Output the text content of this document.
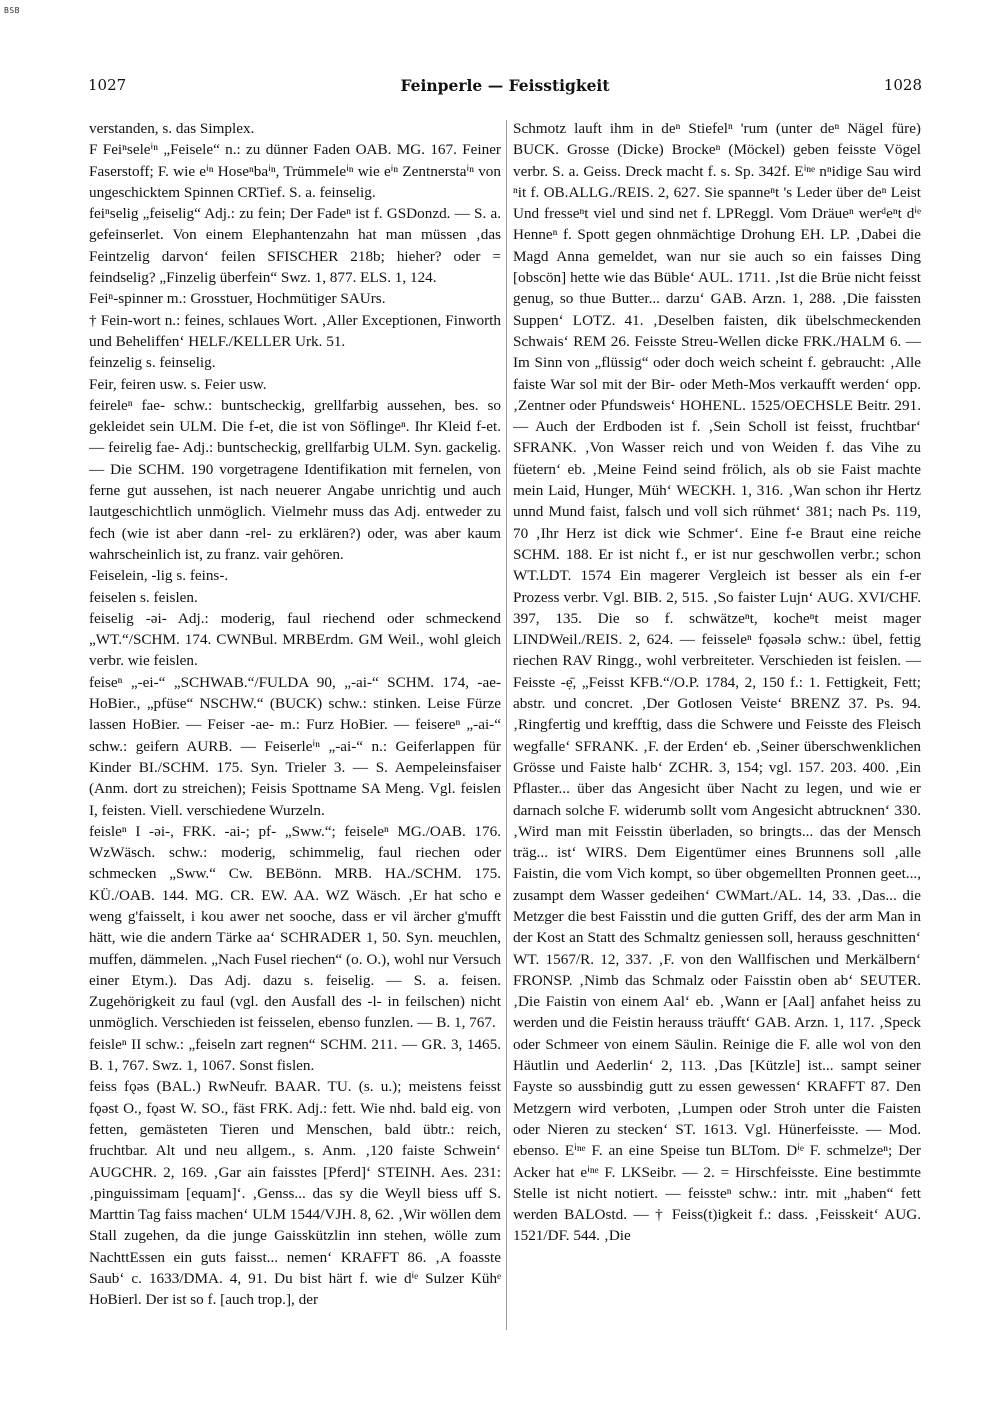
BSB
1027	Feinperle — Feisstigkeit	1028

verstanden, s. das Simplex.

F Feiⁿseleⁱⁿ „Feisele“ n.: zu dünner Faden OAB. MG. 167. Feiner Faserstoff; F. wie eⁱⁿ Hoseⁿbaⁱⁿ, Trümmeleⁱⁿ wie eⁱⁿ Zentnerstaⁱⁿ von ungeschicktem Spinnen CRTief. S. a. feinselig.

feiⁿselig „feiselig“ Adj.: zu fein; Der Fadeⁿ ist f. GSDonzd. — S. a. gefeinserlet. Von einem Elephantenzahn hat man müssen ‚das Feintzelig darvon‘ feilen SFISCHER 218b; hieher? oder = feindselig? „Finzelig überfein“ Swz. 1, 877. ELS. 1, 124.

Feiⁿ-spinner m.: Grosstuer, Hochmütiger SAUrs.

† Fein-wort n.: feines, schlaues Wort. ‚Aller Exceptionen, Finworth und Beheliffen‘ HELF./KELLER Urk. 51.

feinzelig s. feinselig.

Feir, feiren usw. s. Feier usw.

feireleⁿ fae- schw.: buntscheckig, grellfarbig aussehen, bes. so gekleidet sein ULM. Die f-et, die ist von Söflingeⁿ. Ihr Kleid f-et. — feirelig fae- Adj.: buntscheckig, grellfarbig ULM. Syn. gackelig. — Die SCHM. 190 vorgetragene Identifikation mit fernelen, von ferne gut aussehen, ist nach neuerer Angabe unrichtig und auch lautgeschichtlich unmöglich. Vielmehr muss das Adj. entweder zu fech (wie ist aber dann -rel- zu erklären?) oder, was aber kaum wahrscheinlich ist, zu franz. vair gehören.

Feiselein, -lig s. feins-.

feiselen s. feislen.

feiselig -əi- Adj.: moderig, faul riechend oder schmeckend „WT.“/SCHM. 174. CWNBul. MRBErdm. GM Weil., wohl gleich verbr. wie feislen.

feiseⁿ „-ei-“ „SCHWAB.“/FULDA 90, „-ai-“ SCHM. 174, -ae- HoBier., „pfüse“ NSCHW.“ (BUCK) schw.: stinken. Leise Fürze lassen HoBier. — Feiser -ae- m.: Furz HoBier. — feisereⁿ „-ai-“ schw.: geifern AURB. — Feiserleⁱⁿ „-ai-“ n.: Geiferlappen für Kinder BI./SCHM. 175. Syn. Trieler 3. — S. Aempeleinsfaiser (Anm. dort zu streichen); Feisis Spottname SA Meng. Vgl. feislen I, feisten. Viell. verschiedene Wurzeln.

feisleⁿ I -əi-, FRK. -ai-; pf- „Sww.“; feiseleⁿ MG./OAB. 176. WzWäsch. schw.: moderig, schimmelig, faul riechen oder schmecken „Sww.“ Cw. BEBönn. MRB. HA./SCHM. 175. KÜ./OAB. 144. MG. CR. EW. AA. WZ Wäsch. ‚Er hat scho e weng g'faisselt, i kou awer net sooche, dass er vil ärcher g'mufft hätt, wie die andern Tärke aa‘ SCHRADER 1, 50. Syn. meuchlen, muffen, dämmelen. „Nach Fusel riechen“ (o. O.), wohl nur Versuch einer Etym.). Das Adj. dazu s. feiselig. — S. a. feisen. Zugehörigkeit zu faul (vgl. den Ausfall des -l- in feilschen) nicht unmöglich. Verschieden ist feisselen, ebenso funzlen. — B. 1, 767.

feisleⁿ II schw.: „feiseln zart regnen“ SCHM. 211. — GR. 3, 1465. B. 1, 767. Swz. 1, 1067. Sonst fislen.

feiss fǫəs (BAL.) RwNeufr. BAAR. TU. (s. u.); meistens feisst fǫəst O., fǫəst W. SO., fäst FRK. Adj.: fett. Wie nhd. bald eig. von fetten, gemästeten Tieren und Menschen, bald übtr.: reich, fruchtbar. Alt und neu allgem., s. Anm. ‚120 faiste Schwein‘ AUGCHR. 2, 169. ‚Gar ain faisstes [Pferd]‘ STEINH. Aes. 231: ‚pinguissimam [equam]‘. ‚Genss... das sy die Weyll biess uff S. Marttin Tag faiss machen‘ ULM 1544/VJH. 8, 62. ‚Wir wöllen dem Stall zugehen, da die junge Gaisskützlin inn stehen, wölle zum NachttEssen ein guts faisst... nemen‘ KRAFFT 86. ‚A foasste Saub‘ c. 1633/DMA. 4, 91. Du bist härt f. wie dⁱᵉ Sulzer Kühᵉ HoBierl. Der ist so f. [auch trop.], der

Schmotz lauft ihm in deⁿ Stiefelⁿ 'rum (unter deⁿ Nägel füre) BUCK. Grosse (Dicke) Brockeⁿ (Möckel) geben feisste Vögel verbr. S. a. Geiss. Dreck macht f. s. Sp. 342f. Eⁱⁿᵉ nⁿidige Sau wird ⁿit f. OB.ALLG./REIS. 2, 627. Sie spanneⁿt 's Leder über deⁿ Leist Und fresseⁿt viel und sind net f. LPReggl. Vom Dräueⁿ werᵈeⁿt dⁱᵉ Henneⁿ f. Spott gegen ohnmächtige Drohung EH. LP. ‚Dabei die Magd Anna gemeldet, wan nur sie auch so ein faisses Ding [obscön] hette wie das Büble‘ AUL. 1711. ‚Ist die Brüe nicht feisst genug, so thue Butter... darzu‘ GAB. Arzn. 1, 288. ‚Die faissten Suppen‘ LOTZ. 41. ‚Deselben faisten, dik übelschmeckenden Schwais‘ REM 26. Feisste Streu-Wellen dicke FRK./HALM 6. — Im Sinn von „flüssig“ oder doch weich scheint f. gebraucht: ‚Alle faiste War sol mit der Bir- oder Meth-Mos verkaufft werden‘ opp. ‚Zentner oder Pfundsweis‘ HOHENL. 1525/OECHSLE Beitr. 291. — Auch der Erdboden ist f. ‚Sein Scholl ist feisst, fruchtbar‘ SFRANK. ‚Von Wasser reich und von Weiden f. das Vihe zu füetern‘ eb. ‚Meine Feind seind frölich, als ob sie Faist machte mein Laid, Hunger, Müh‘ WECKH. 1, 316. ‚Wan schon ihr Hertz unnd Mund faist, falsch und voll sich rühmet‘ 381; nach Ps. 119, 70 ‚Ihr Herz ist dick wie Schmer‘. Eine f-e Braut eine reiche SCHM. 188. Er ist nicht f., er ist nur geschwollen verbr.; schon WT.LDT. 1574 Ein magerer Vergleich ist besser als ein f-er Prozess verbr. Vgl. BIB. 2, 515. ‚So faister Lujn‘ AUG. XVI/CHF. 397, 135. Die so f. schwätzeⁿt, kocheⁿt meist mager LINDWeil./REIS. 2, 624. — feisseleⁿ fǫəsələ schw.: übel, fettig riechen RAV Ringg., wohl verbreiteter. Verschieden ist feislen. — Feisste -ẹ̄, „Feisst KFB.“/O.P. 1784, 2, 150 f.: 1. Fettigkeit, Fett; abstr. und concret. ‚Der Gotlosen Veiste‘ BRENZ 37. Ps. 94. ‚Ringfertig und krefftig, dass die Schwere und Feisste des Fleisch wegfalle‘ SFRANK. ‚F. der Erden‘ eb. ‚Seiner überschwenklichen Grösse und Faiste halb‘ ZCHR. 3, 154; vgl. 157. 203. 400. ‚Ein Pflaster... über das Angesicht über Nacht zu legen, und wie er darnach solche F. widerumb sollt vom Angesicht abtrucknen‘ 330. ‚Wird man mit Feisstin überladen, so bringts... das der Mensch träg... ist‘ WIRS. Dem Eigentümer eines Brunnens soll ‚alle Faistin, die vom Vich kompt, so über obgemellten Pronnen geet..., zusampt dem Wasser gedeihen‘ CWMart./AL. 14, 33. ‚Das... die Metzger die best Faisstin und die gutten Griff, des der arm Man in der Kost an Statt des Schmaltz geniessen soll, herauss geschnitten‘ WT. 1567/R. 12, 337. ‚F. von den Wallfischen und Merkälbern‘ FRONSP. ‚Nimb das Schmalz oder Faisstin oben ab‘ SEUTER. ‚Die Faistin von einem Aal‘ eb. ‚Wann er [Aal] anfahet heiss zu werden und die Feistin herauss träufft‘ GAB. Arzn. 1, 117. ‚Speck oder Schmeer von einem Säulin. Reinige die F. alle wol von den Häutlin und Aederlin‘ 2, 113. ‚Das [Kützle] ist... sampt seiner Fayste so aussbindig gutt zu essen gewessen‘ KRAFFT 87. Den Metzgern wird verboten, ‚Lumpen oder Stroh unter die Faisten oder Nieren zu stecken‘ ST. 1613. Vgl. Hünerfeisste. — Mod. ebenso. Eⁱⁿᵉ F. an eine Speise tun BLTom. Dⁱᵉ F. schmelzeⁿ; Der Acker hat eⁱⁿᵉ F. LKSeibr. — 2. = Hirschfeisste. Eine bestimmte Stelle ist nicht notiert. — feissteⁿ schw.: intr. mit „haben“ fett werden BALOstd. — † Feiss(t)igkeit f.: dass. ‚Feisskeit‘ AUG. 1521/DF. 544. ‚Die
